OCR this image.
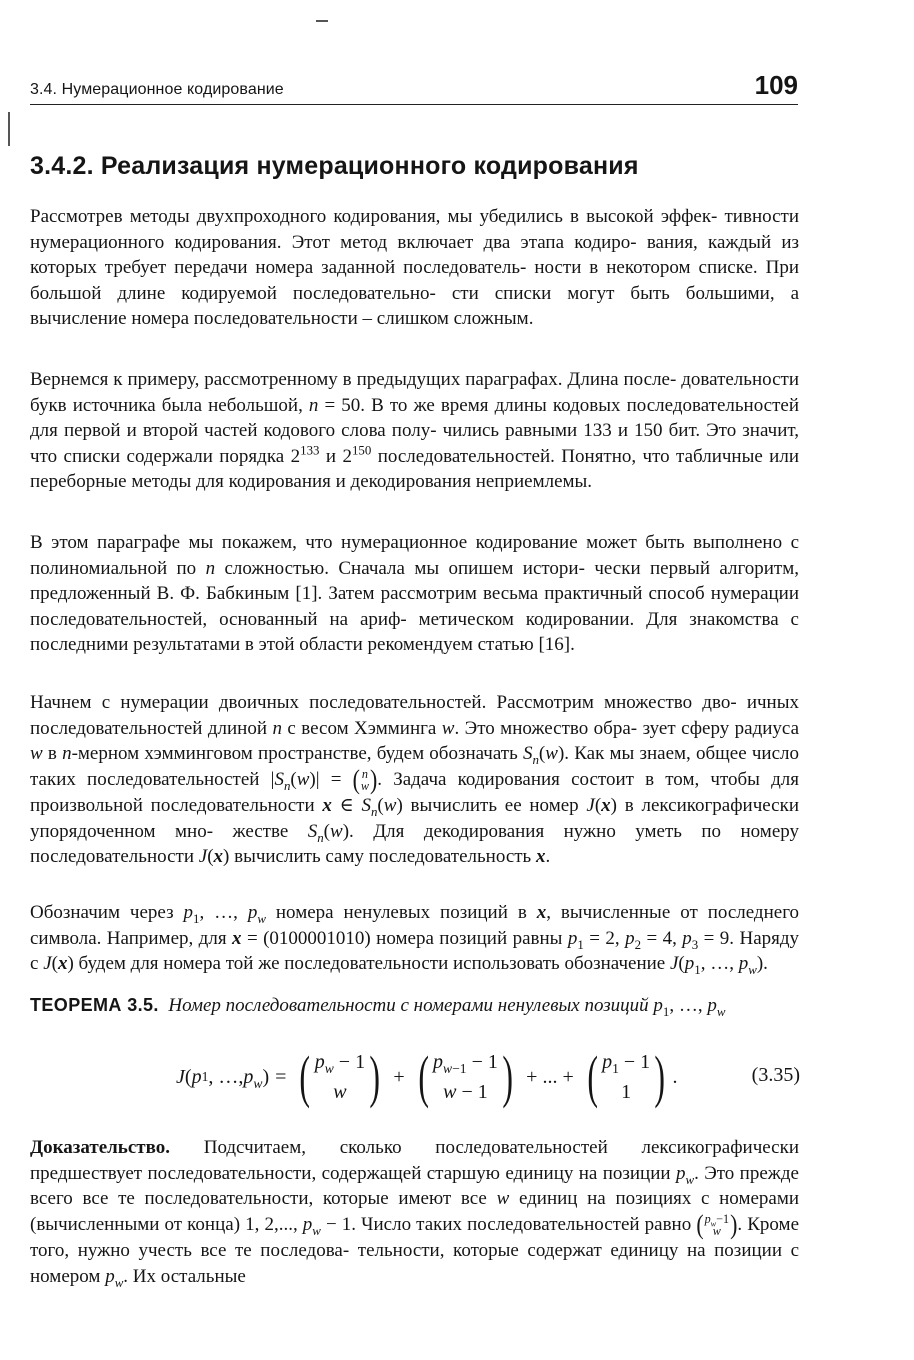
3.4. Нумерационное кодирование	109
3.4.2. Реализация нумерационного кодирования

Рассмотрев методы двухпроходного кодирования, мы убедились в высокой эффек- тивности нумерационного кодирования. Этот метод включает два этапа кодиро- вания, каждый из которых требует передачи номера заданной последователь- ности в некотором списке. При большой длине кодируемой последовательно- сти списки могут быть большими, а вычисление номера последовательности – слишком сложным.

Вернемся к примеру, рассмотренному в предыдущих параграфах. Длина после- довательности букв источника была небольшой, n = 50. В то же время длины кодовых последовательностей для первой и второй частей кодового слова полу- чились равными 133 и 150 бит. Это значит, что списки содержали порядка $2^{133}$ и $2^{150}$ последовательностей. Понятно, что табличные или переборные методы для кодирования и декодирования неприемлемы.

В этом параграфе мы покажем, что нумерационное кодирование может быть выполнено с полиномиальной по n сложностью. Сначала мы опишем истори- чески первый алгоритм, предложенный В. Ф. Бабкиным [1]. Затем рассмотрим весьма практичный способ нумерации последовательностей, основанный на ариф- метическом кодировании. Для знакомства с последними результатами в этой области рекомендуем статью [16].

Начнем с нумерации двоичных последовательностей. Рассмотрим множество дво- ичных последовательностей длиной n с весом Хэмминга w. Это множество обра- зует сферу радиуса w в n-мерном хэмминговом пространстве, будем обозначать $S_n(w)$. Как мы знаем, общее число таких последовательностей $|S_n(w)|$ = ( n
w ) . Задача кодирования состоит в том, чтобы для произвольной последовательности x ∈ $S_n(w)$ вычислить ее номер J(x) в лексикографически упорядоченном мно- жестве $S_n(w)$. Для декодирования нужно уметь по номеру последовательности J(x) вычислить саму последовательность x.

Обозначим через $p_1$, …, $p_w$ номера ненулевых позиций в x, вычисленные от последнего символа. Например, для x = (0100001010) номера позиций равны $p_1 = 2$, $p_2 = 4$, $p_3 = 9$. Наряду с J(x) будем для номера той же последовательности использовать обозначение $J(p_1$, …, $p_w$).

ТЕОРЕМА 3.5. Номер последовательности с номерами ненулевых позиций $p_1$, …, $p_w$
J ( p 1 , …, $p_w$ ) = ( $p_w - 1$
w ) + ( $p_{w-1} - 1$
w − 1 ) + ... + ( $p_1 - 1$
1 ) .	(3.35)

Доказательство. Подсчитаем, сколько последовательностей лексикографически предшествует последовательности, содержащей старшую единицу на позиции $p_w$. Это прежде всего все те последовательности, которые имеют все w единиц на позициях с номерами (вычисленными от конца) 1, 2,..., $p_w - 1$. Число таких последовательностей равно ( $p_w-1$
w ) . Кроме того, нужно учесть все те последова- тельности, которые содержат единицу на позиции с номером $p_w$. Их остальные
